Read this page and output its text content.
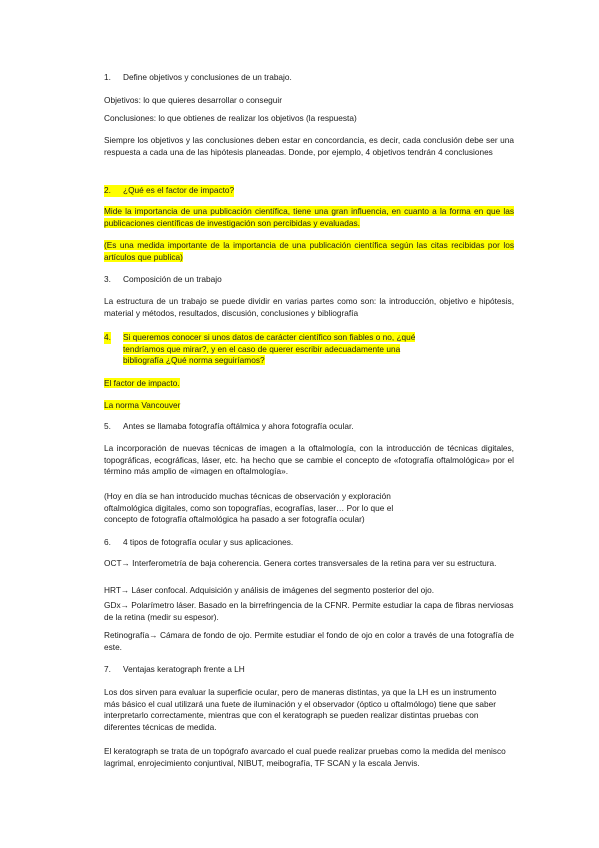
1. Define objetivos y conclusiones de un trabajo.
Objetivos: lo que quieres desarrollar o conseguir
Conclusiones: lo que obtienes de realizar los objetivos (la respuesta)
Siempre los objetivos y las conclusiones deben estar en concordancia, es decir, cada conclusión debe ser una respuesta a cada una de las hipótesis planeadas. Donde, por ejemplo, 4 objetivos tendrán 4 conclusiones
2. ¿Qué es el factor de impacto?
Mide la importancia de una publicación científica, tiene una gran influencia, en cuanto a la forma en que las publicaciones científicas de investigación son percibidas y evaluadas.
(Es una medida importante de la importancia de una publicación científica según las citas recibidas por los artículos que publica)
3. Composición de un trabajo
La estructura de un trabajo se puede dividir en varias partes como son: la introducción, objetivo e hipótesis, material y métodos, resultados, discusión, conclusiones y bibliografía
4. Si queremos conocer si unos datos de carácter científico son fiables o no, ¿qué tendríamos que mirar?, y en el caso de querer escribir adecuadamente una bibliografía ¿Qué norma seguiríamos?
El factor de impacto.
La norma Vancouver
5. Antes se llamaba fotografía oftálmica y ahora fotografía ocular.
La incorporación de nuevas técnicas de imagen a la oftalmología, con la introducción de técnicas digitales, topográficas, ecográficas, láser, etc. ha hecho que se cambie el concepto de «fotografía oftalmológica» por el término más amplio de «imagen en oftalmología».
(Hoy en día se han introducido muchas técnicas de observación y exploración oftalmológica digitales, como son topografías, ecografías, laser… Por lo que el concepto de fotografía oftalmológica ha pasado a ser fotografía ocular)
6. 4 tipos de fotografía ocular y sus aplicaciones.
OCT→ Interferometría de baja coherencia. Genera cortes transversales de la retina para ver su estructura.
HRT→ Láser confocal. Adquisición y análisis de imágenes del segmento posterior del ojo.
GDx→ Polarímetro láser. Basado en la birrefringencia de la CFNR. Permite estudiar la capa de fibras nerviosas de la retina (medir su espesor).
Retinografía→ Cámara de fondo de ojo. Permite estudiar el fondo de ojo en color a través de una fotografía de este.
7. Ventajas keratograph frente a LH
Los dos sirven para evaluar la superficie ocular, pero de maneras distintas, ya que la LH es un instrumento más básico el cual utilizará una fuete de iluminación y el observador (óptico u oftalmólogo) tiene que saber interpretarlo correctamente, mientras que con el keratograph se pueden realizar distintas pruebas con diferentes técnicas de medida.
El keratograph se trata de un topógrafo avarcado el cual puede realizar pruebas como la medida del menisco lagrimal, enrojecimiento conjuntival, NIBUT, meibografía, TF SCAN y la escala Jenvis.
